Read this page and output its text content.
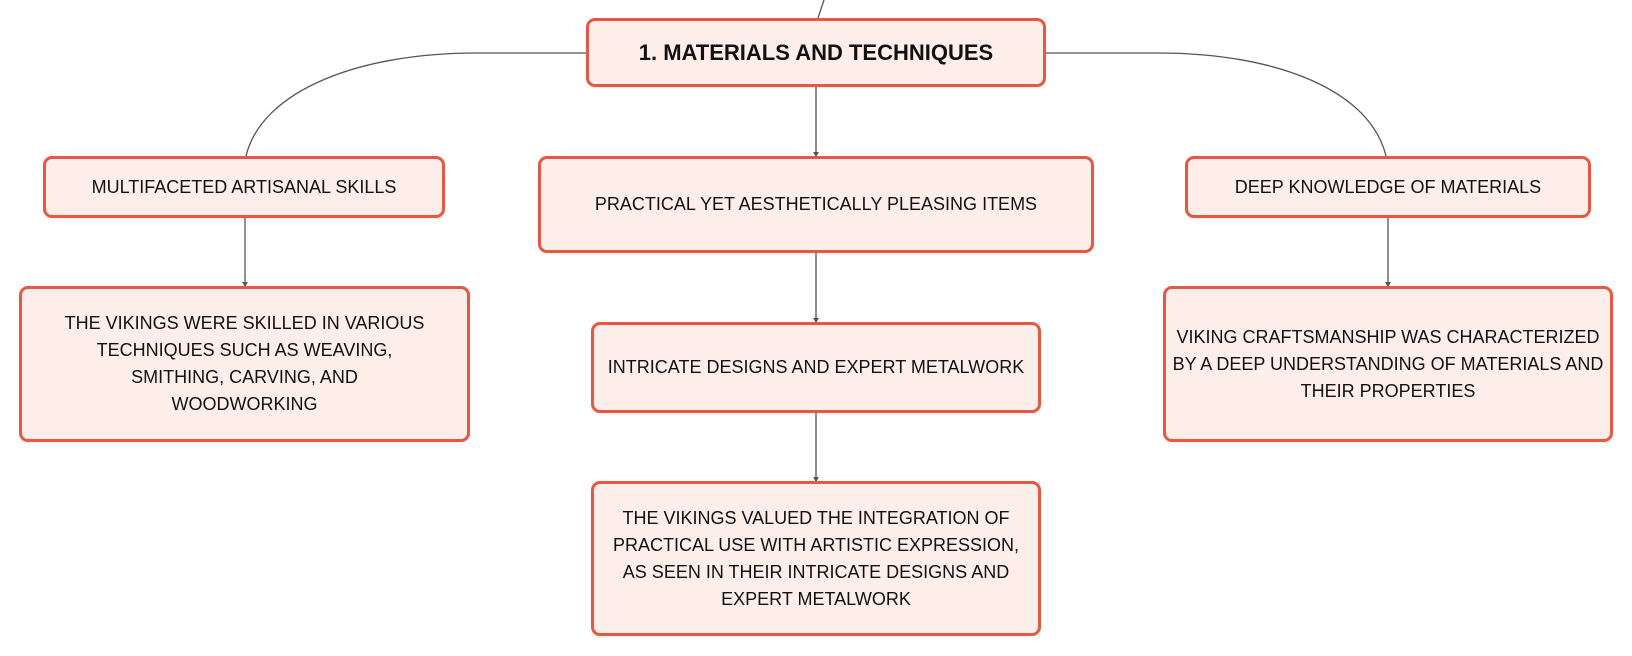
1. MATERIALS AND TECHNIQUES
MULTIFACETED ARTISANAL SKILLS
PRACTICAL YET AESTHETICALLY PLEASING ITEMS
DEEP KNOWLEDGE OF MATERIALS
THE VIKINGS WERE SKILLED IN VARIOUS TECHNIQUES SUCH AS WEAVING, SMITHING, CARVING, AND WOODWORKING
INTRICATE DESIGNS AND EXPERT METALWORK
VIKING CRAFTSMANSHIP WAS CHARACTERIZED BY A DEEP UNDERSTANDING OF MATERIALS AND THEIR PROPERTIES
THE VIKINGS VALUED THE INTEGRATION OF PRACTICAL USE WITH ARTISTIC EXPRESSION, AS SEEN IN THEIR INTRICATE DESIGNS AND EXPERT METALWORK
